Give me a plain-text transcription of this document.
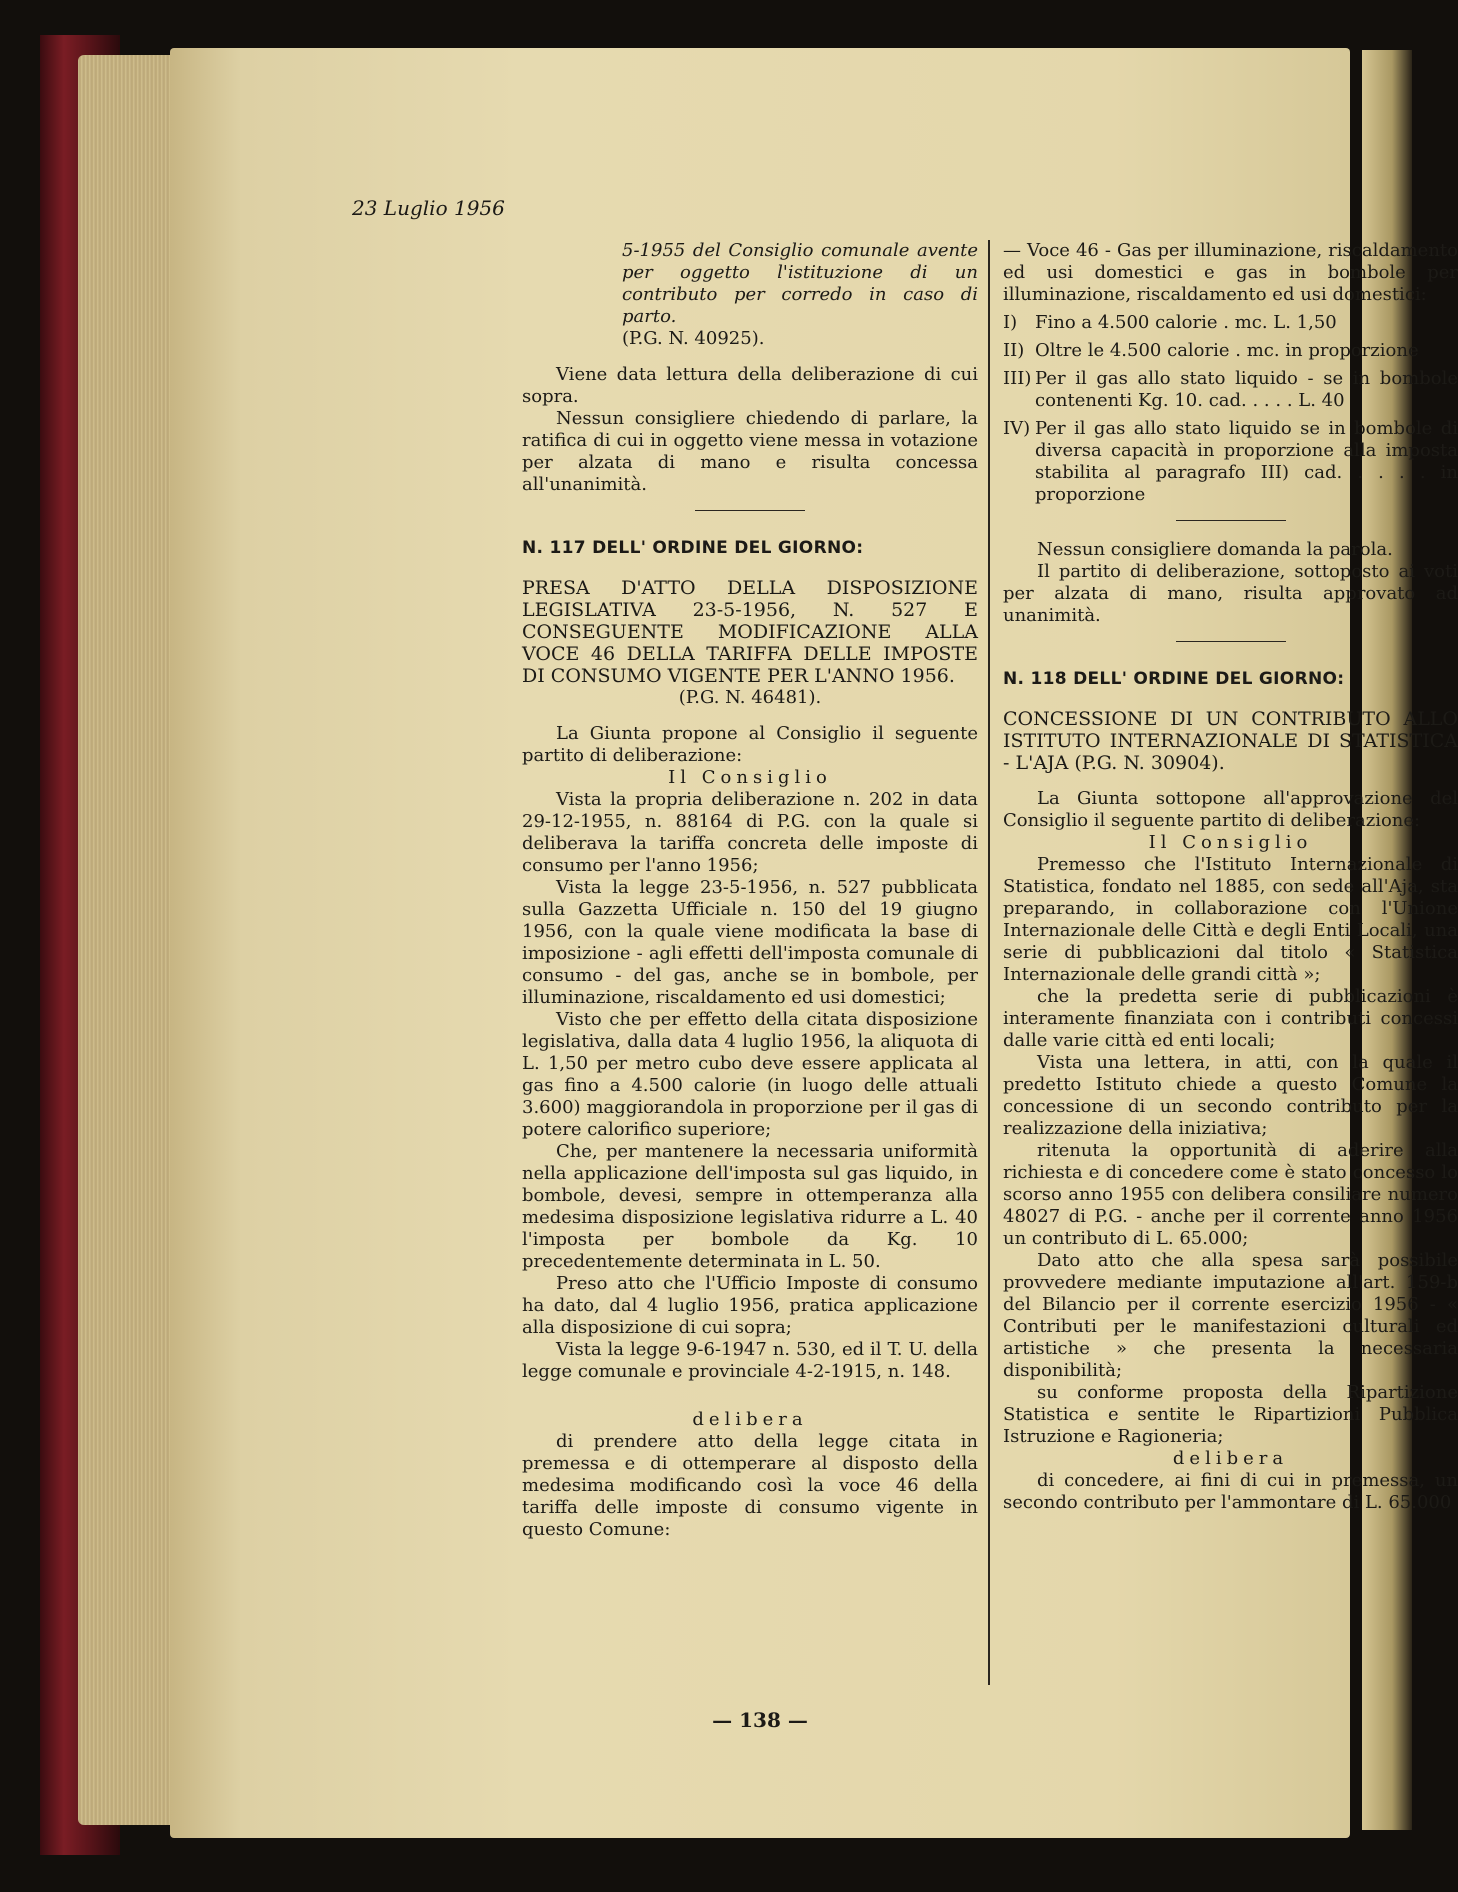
23 Luglio 1956

5-1955 del Consiglio comunale avente per oggetto l'istituzione di un contributo per corredo in caso di parto.

(P.G. N. 40925).

Viene data lettura della deliberazione di cui sopra.

Nessun consigliere chiedendo di parlare, la ratifica di cui in oggetto viene messa in votazione per alzata di mano e risulta concessa all'unanimità.

N. 117 DELL' ORDINE DEL GIORNO:

PRESA D'ATTO DELLA DISPOSIZIONE LEGISLATIVA 23-5-1956, N. 527 E CONSEGUENTE MODIFICAZIONE ALLA VOCE 46 DELLA TARIFFA DELLE IMPOSTE DI CONSUMO VIGENTE PER L'ANNO 1956.

(P.G. N. 46481).

La Giunta propone al Consiglio il seguente partito di deliberazione:

Il Consiglio

Vista la propria deliberazione n. 202 in data 29-12-1955, n. 88164 di P.G. con la quale si deliberava la tariffa concreta delle imposte di consumo per l'anno 1956;

Vista la legge 23-5-1956, n. 527 pubblicata sulla Gazzetta Ufficiale n. 150 del 19 giugno 1956, con la quale viene modificata la base di imposizione - agli effetti dell'imposta comunale di consumo - del gas, anche se in bombole, per illuminazione, riscaldamento ed usi domestici;

Visto che per effetto della citata disposizione legislativa, dalla data 4 luglio 1956, la aliquota di L. 1,50 per metro cubo deve essere applicata al gas fino a 4.500 calorie (in luogo delle attuali 3.600) maggiorandola in proporzione per il gas di potere calorifico superiore;

Che, per mantenere la necessaria uniformità nella applicazione dell'imposta sul gas liquido, in bombole, devesi, sempre in ottemperanza alla medesima disposizione legislativa ridurre a L. 40 l'imposta per bombole da Kg. 10 precedentemente determinata in L. 50.

Preso atto che l'Ufficio Imposte di consumo ha dato, dal 4 luglio 1956, pratica applicazione alla disposizione di cui sopra;

Vista la legge 9-6-1947 n. 530, ed il T. U. della legge comunale e provinciale 4-2-1915, n. 148.

delibera

di prendere atto della legge citata in premessa e di ottemperare al disposto della medesima modificando così la voce 46 della tariffa delle imposte di consumo vigente in questo Comune:

— Voce 46 - Gas per illuminazione, riscaldamento ed usi domestici e gas in bombole per illuminazione, riscaldamento ed usi domestici:

I) Fino a 4.500 calorie . mc. L. 1,50
II) Oltre le 4.500 calorie . mc. in proporzione
III) Per il gas allo stato liquido - se in bombole contenenti Kg. 10. cad. . . . . L. 40
IV) Per il gas allo stato liquido se in bombole di diversa capacità in proporzione alla imposta stabilita al paragrafo III) cad. . . . . in proporzione

Nessun consigliere domanda la parola.

Il partito di deliberazione, sottoposto ai voti per alzata di mano, risulta approvato ad unanimità.

N. 118 DELL' ORDINE DEL GIORNO:

CONCESSIONE DI UN CONTRIBUTO ALLO ISTITUTO INTERNAZIONALE DI STATISTICA - L'AJA (P.G. N. 30904).

La Giunta sottopone all'approvazione del Consiglio il seguente partito di deliberazione:

Il Consiglio

Premesso che l'Istituto Internazionale di Statistica, fondato nel 1885, con sede all'Aja, sta preparando, in collaborazione con l'Unione Internazionale delle Città e degli Enti Locali, una serie di pubblicazioni dal titolo « Statistica Internazionale delle grandi città »;

che la predetta serie di pubblicazioni è interamente finanziata con i contributi concessi dalle varie città ed enti locali;

Vista una lettera, in atti, con la quale il predetto Istituto chiede a questo Comune la concessione di un secondo contributo per la realizzazione della iniziativa;

ritenuta la opportunità di aderire alla richiesta e di concedere come è stato concesso lo scorso anno 1955 con delibera consiliare numero 48027 di P.G. - anche per il corrente anno 1956 un contributo di L. 65.000;

Dato atto che alla spesa sarà possibile provvedere mediante imputazione all'art. 159-b del Bilancio per il corrente esercizio 1956 - « Contributi per le manifestazioni culturali ed artistiche » che presenta la necessaria disponibilità;

su conforme proposta della Ripartizione Statistica e sentite le Ripartizioni Pubblica Istruzione e Ragioneria;

delibera

di concedere, ai fini di cui in premessa, un secondo contributo per l'ammontare di L. 65.000

— 138 —
